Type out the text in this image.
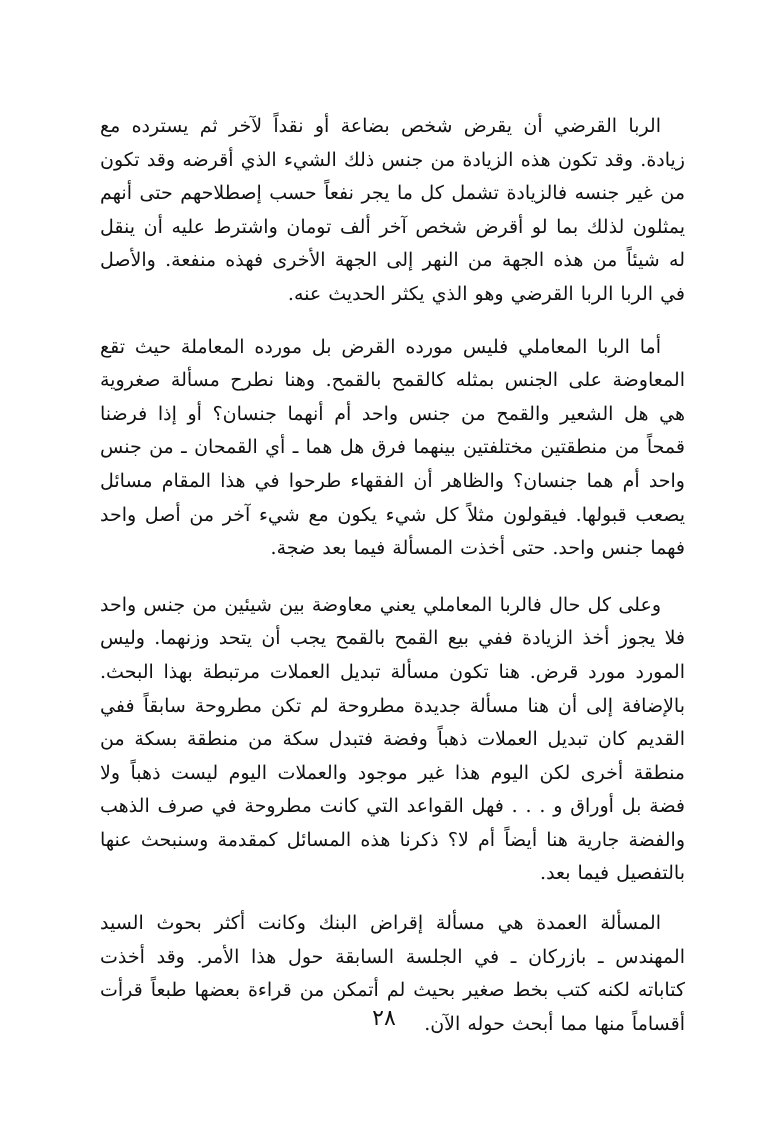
الربا القرضي أن يقرض شخص بضاعة أو نقداً لآخر ثم يسترده مع زيادة. وقد تكون هذه الزيادة من جنس ذلك الشيء الذي أقرضه وقد تكون من غير جنسه فالزيادة تشمل كل ما يجر نفعاً حسب إصطلاحهم حتى أنهم يمثلون لذلك بما لو أقرض شخص آخر ألف تومان واشترط عليه أن ينقل له شيئاً من هذه الجهة من النهر إلى الجهة الأخرى فهذه منفعة. والأصل في الربا الربا القرضي وهو الذي يكثر الحديث عنه.

أما الربا المعاملي فليس مورده القرض بل مورده المعاملة حيث تقع المعاوضة على الجنس بمثله كالقمح بالقمح. وهنا نطرح مسألة صغروية هي هل الشعير والقمح من جنس واحد أم أنهما جنسان؟ أو إذا فرضنا قمحاً من منطقتين مختلفتين بينهما فرق هل هما ـ أي القمحان ـ من جنس واحد أم هما جنسان؟ والظاهر أن الفقهاء طرحوا في هذا المقام مسائل يصعب قبولها. فيقولون مثلاً كل شيء يكون مع شيء آخر من أصل واحد فهما جنس واحد. حتى أخذت المسألة فيما بعد ضجة.

وعلى كل حال فالربا المعاملي يعني معاوضة بين شيئين من جنس واحد فلا يجوز أخذ الزيادة ففي بيع القمح بالقمح يجب أن يتحد وزنهما. وليس المورد مورد قرض. هنا تكون مسألة تبديل العملات مرتبطة بهذا البحث. بالإضافة إلى أن هنا مسألة جديدة مطروحة لم تكن مطروحة سابقاً ففي القديم كان تبديل العملات ذهباً وفضة فتبدل سكة من منطقة بسكة من منطقة أخرى لكن اليوم هذا غير موجود والعملات اليوم ليست ذهباً ولا فضة بل أوراق و . . . فهل القواعد التي كانت مطروحة في صرف الذهب والفضة جارية هنا أيضاً أم لا؟ ذكرنا هذه المسائل كمقدمة وسنبحث عنها بالتفصيل فيما بعد.

المسألة العمدة هي مسألة إقراض البنك وكانت أكثر بحوث السيد المهندس ـ بازركان ـ في الجلسة السابقة حول هذا الأمر. وقد أخذت كتاباته لكنه كتب بخط صغير بحيث لم أتمكن من قراءة بعضها طبعاً قرأت أقساماً منها مما أبحث حوله الآن.

٢٨
